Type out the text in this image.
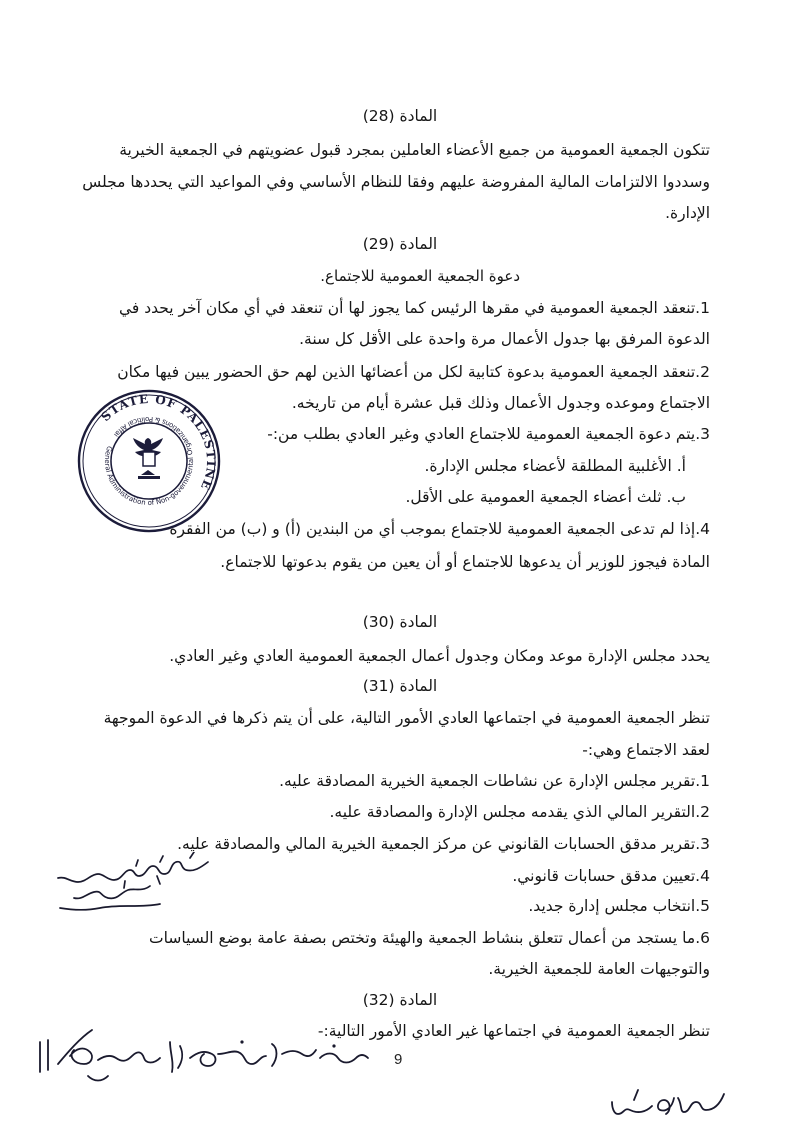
المادة (28)
تتكون الجمعية العمومية من جميع الأعضاء العاملين بمجرد قبول عضويتهم في الجمعية الخيرية
وسددوا الالتزامات المالية المفروضة عليهم وفقا للنظام الأساسي وفي المواعيد التي يحددها مجلس
الإدارة.
المادة (29)
دعوة الجمعية العمومية للاجتماع.
1.تنعقد الجمعية العمومية في مقرها الرئيس كما يجوز لها أن تنعقد في أي مكان آخر يحدد في
الدعوة المرفق بها جدول الأعمال مرة واحدة على الأقل كل سنة.
2.تنعقد الجمعية العمومية بدعوة كتابية لكل من أعضائها الذين لهم حق الحضور يبين فيها مكان
الاجتماع وموعده وجدول الأعمال وذلك قبل عشرة أيام من تاريخه.
3.يتم دعوة الجمعية العمومية للاجتماع العادي وغير العادي بطلب من:-
أ. الأغلبية المطلقة لأعضاء مجلس الإدارة.
ب. ثلث أعضاء الجمعية العمومية على الأقل.
4.إذا لم تدعى الجمعية العمومية للاجتماع بموجب أي من البندين (أ) و (ب) من الفقرة
المادة فيجوز للوزير أن يدعوها للاجتماع أو أن يعين من يقوم بدعوتها للاجتماع.
المادة (30)
يحدد مجلس الإدارة موعد ومكان وجدول أعمال الجمعية العمومية العادي وغير العادي.
المادة (31)
تنظر الجمعية العمومية في اجتماعها العادي الأمور التالية، على أن يتم ذكرها في الدعوة الموجهة
لعقد الاجتماع وهي:-
1.تقرير مجلس الإدارة عن نشاطات الجمعية الخيرية المصادقة عليه.
2.التقرير المالي الذي يقدمه مجلس الإدارة والمصادقة عليه.
3.تقرير مدقق الحسابات القانوني عن مركز الجمعية الخيرية المالي والمصادقة عليه.
4.تعيين مدقق حسابات قانوني.
5.انتخاب مجلس إدارة جديد.
6.ما يستجد من أعمال تتعلق بنشاط الجمعية والهيئة وتختص بصفة عامة بوضع السياسات
والتوجيهات العامة للجمعية الخيرية.
المادة (32)
تنظر الجمعية العمومية في اجتماعها غير العادي الأمور التالية:-
9
STATE OF PALESTINE
General Administration of Non-governmental Organizations & Political Affairs
